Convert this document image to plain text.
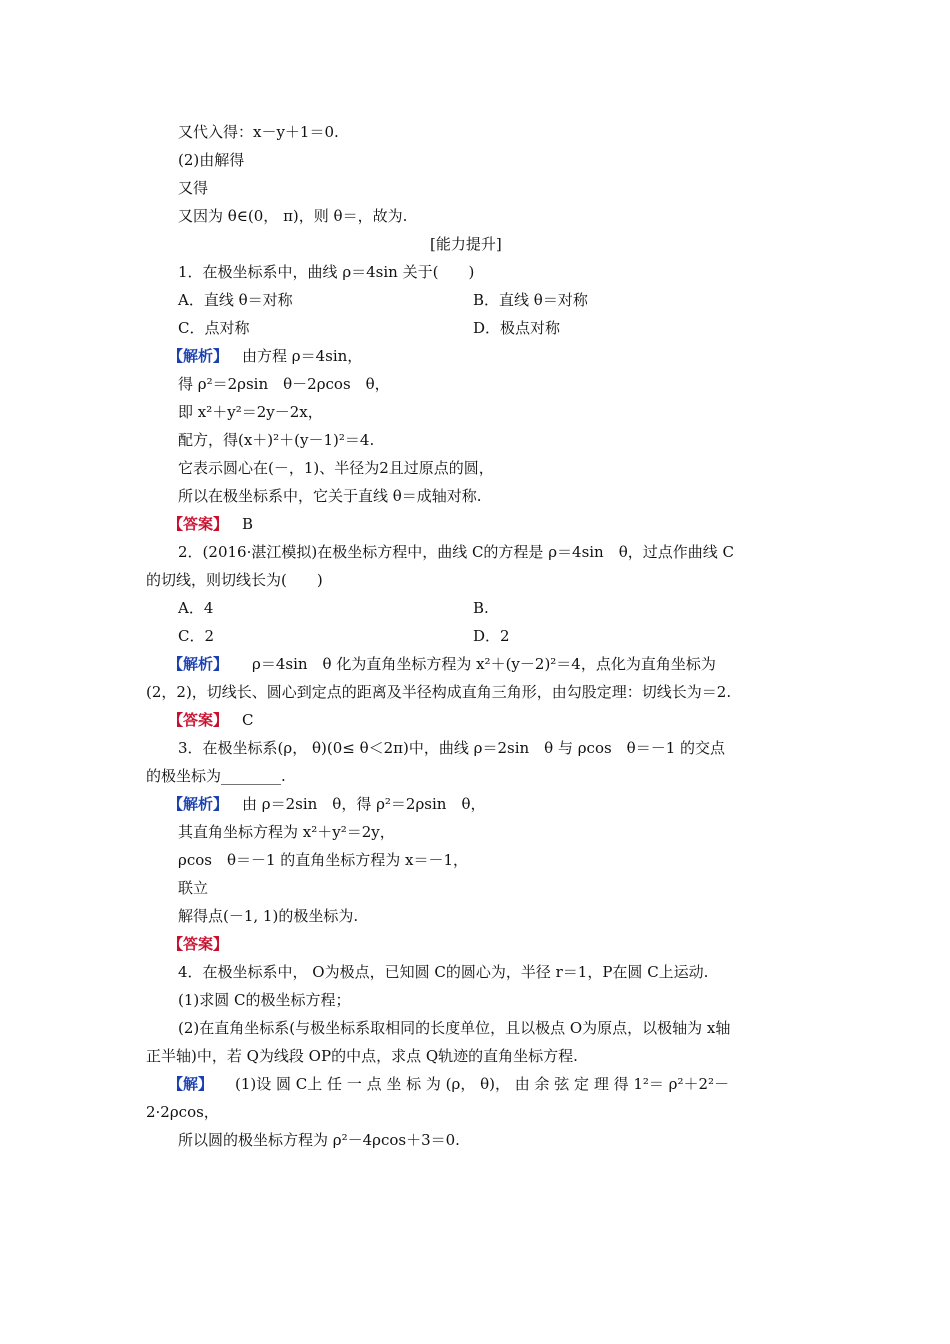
又代入得：x－y＋1＝0.
(2)由解得
又得
又因为 θ∈(0， π)，则 θ＝，故为.
[能力提升]
1．在极坐标系中，曲线 ρ＝4sin 关于(　　)
A．直线 θ＝对称	B．直线 θ＝对称
C．点对称	D．极点对称
【解析】 由方程 ρ＝4sin，
得 ρ²＝2ρsin　θ－2ρcos　θ，
即 x²＋y²＝2y－2x，
配方，得(x＋)²＋(y－1)²＝4.
它表示圆心在(－，1)、半径为2且过原点的圆，
所以在极坐标系中，它关于直线 θ＝成轴对称.
【答案】 B
2．(2016·湛江模拟)在极坐标方程中，曲线 C的方程是 ρ＝4sin　θ，过点作曲线 C
的切线，则切线长为(　　)
A．4	B.
C．2	D．2
【解析】 ρ＝4sin　θ 化为直角坐标方程为 x²＋(y－2)²＝4，点化为直角坐标为
(2，2)，切线长、圆心到定点的距离及半径构成直角三角形，由勾股定理：切线长为＝2.
【答案】 C
3．在极坐标系(ρ， θ)(0≤ θ＜2π)中，曲线 ρ＝2sin　θ 与 ρcos　θ＝－1 的交点
的极坐标为________.
【解析】 由 ρ＝2sin　θ，得 ρ²＝2ρsin　θ，
其直角坐标方程为 x²＋y²＝2y，
ρcos　θ＝－1 的直角坐标方程为 x＝－1，
联立
解得点(－1, 1)的极坐标为.
【答案】
4．在极坐标系中， O为极点，已知圆 C的圆心为，半径 r＝1，P在圆 C上运动.
(1)求圆 C的极坐标方程；
(2)在直角坐标系(与极坐标系取相同的长度单位，且以极点 O为原点，以极轴为 x轴
正半轴)中，若 Q为线段 OP的中点，求点 Q轨迹的直角坐标方程.
【解】 (1)设 圆 C上 任 一 点 坐 标 为 (ρ， θ)， 由 余 弦 定 理 得 1²＝ ρ²＋2²－
2·2ρcos，
所以圆的极坐标方程为 ρ²－4ρcos＋3＝0.
